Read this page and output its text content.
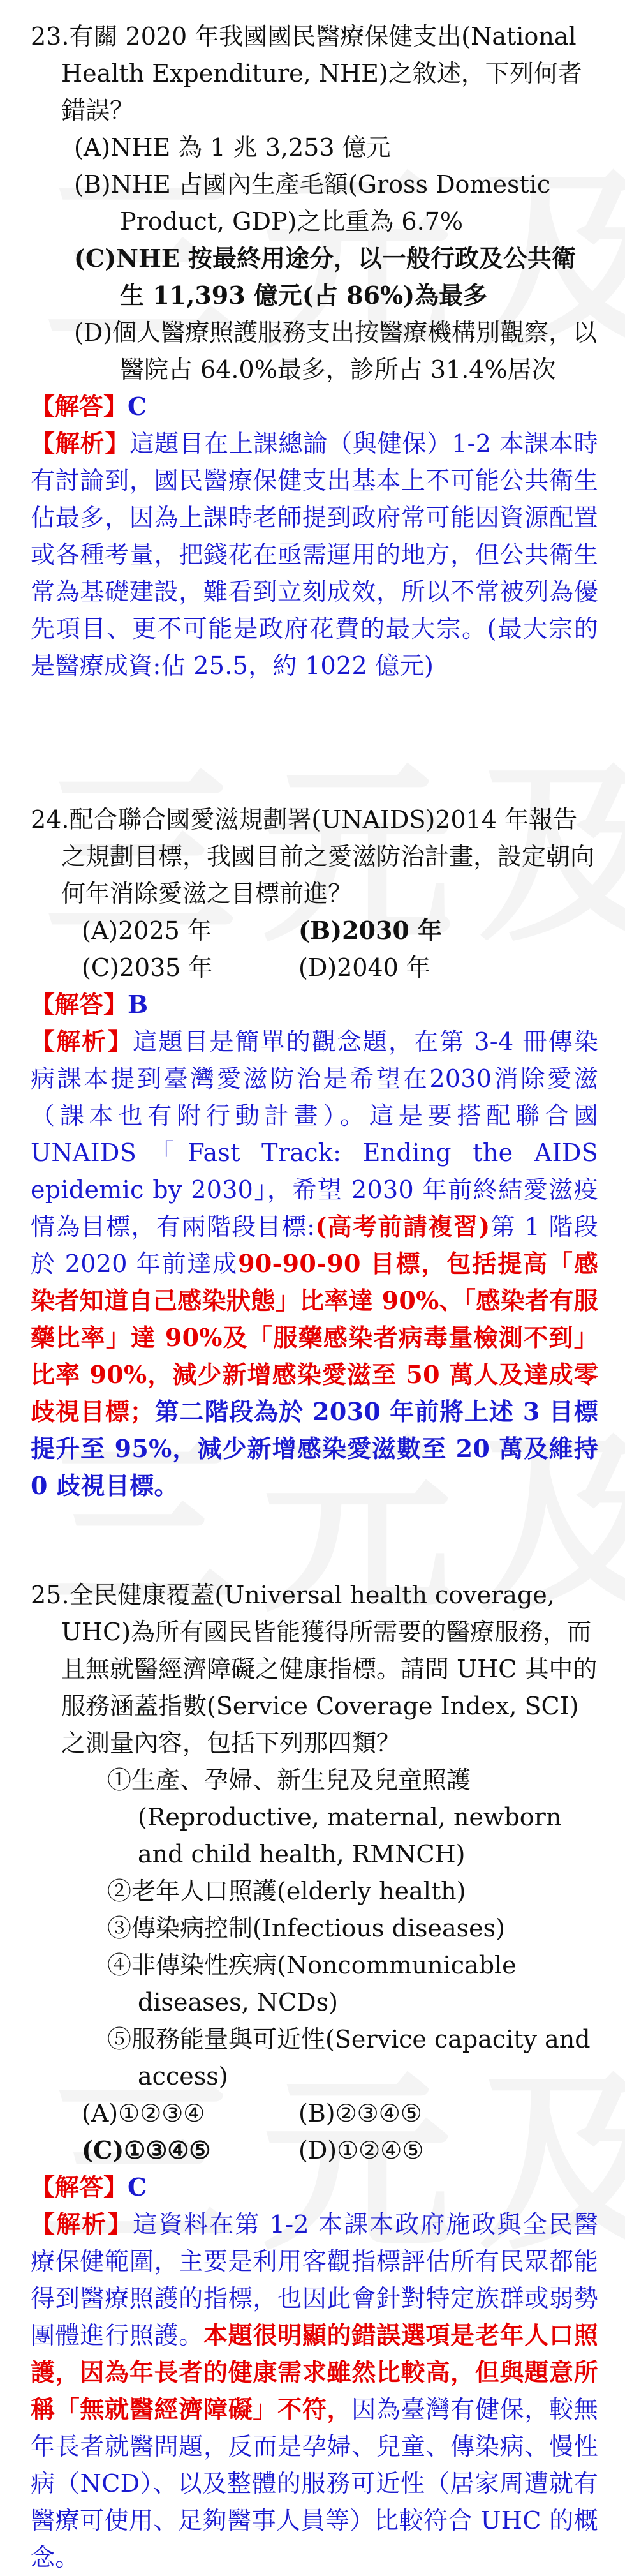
23.有關 2020 年我國國民醫療保健支出(National Health Expenditure, NHE)之敘述，下列何者錯誤？
(A)NHE 為 1 兆 3,253 億元
(B)NHE 占國內生產毛額(Gross Domestic Product, GDP)之比重為 6.7%
(C)NHE 按最終用途分，以一般行政及公共衛生 11,393 億元(占 86%)為最多
(D)個人醫療照護服務支出按醫療機構別觀察，以醫院占 64.0%最多，診所占 31.4%居次
【解答】C
【解析】這題目在上課總論（與健保）1-2 本課本時有討論到，國民醫療保健支出基本上不可能公共衛生佔最多，因為上課時老師提到政府常可能因資源配置或各種考量，把錢花在亟需運用的地方，但公共衛生常為基礎建設，難看到立刻成效，所以不常被列為優先項目、更不可能是政府花費的最大宗。(最大宗的是醫療成資:佔 25.5，約 1022 億元)
24.配合聯合國愛滋規劃署(UNAIDS)2014 年報告之規劃目標，我國目前之愛滋防治計畫，設定朝向何年消除愛滋之目標前進？
(A)2025 年	(B)2030 年
(C)2035 年	(D)2040 年
【解答】B
【解析】這題目是簡單的觀念題，在第 3-4 冊傳染病課本提到臺灣愛滋防治是希望在2030消除愛滋（課本也有附行動計畫）。這是要搭配聯合國 UNAIDS「Fast Track: Ending the AIDS epidemic by 2030」，希望 2030 年前終結愛滋疫情為目標，有兩階段目標:(高考前請複習)第 1 階段於 2020 年前達成90-90-90 目標，包括提高「感染者知道自己感染狀態」比率達 90%、「感染者有服藥比率」達 90%及「服藥感染者病毒量檢測不到」比率 90%，減少新增感染愛滋至 50 萬人及達成零歧視目標；第二階段為於 2030 年前將上述 3 目標提升至 95%，減少新增感染愛滋數至 20 萬及維持 0 歧視目標。
25.全民健康覆蓋(Universal health coverage, UHC)為所有國民皆能獲得所需要的醫療服務，而且無就醫經濟障礙之健康指標。請問 UHC 其中的服務涵蓋指數(Service Coverage Index, SCI)之測量內容，包括下列那四類？
①生產、孕婦、新生兒及兒童照護(Reproductive, maternal, newborn and child health, RMNCH)
②老年人口照護(elderly health)
③傳染病控制(Infectious diseases)
④非傳染性疾病(Noncommunicable diseases, NCDs)
⑤服務能量與可近性(Service capacity and access)
(A)①②③④	(B)②③④⑤
(C)①③④⑤	(D)①②④⑤
【解答】C
【解析】這資料在第 1-2 本課本政府施政與全民醫療保健範圍，主要是利用客觀指標評估所有民眾都能得到醫療照護的指標，也因此會針對特定族群或弱勢團體進行照護。本題很明顯的錯誤選項是老年人口照護，因為年長者的健康需求雖然比較高，但與題意所稱「無就醫經濟障礙」不符，因為臺灣有健保，較無年長者就醫問題，反而是孕婦、兒童、傳染病、慢性病（NCD）、以及整體的服務可近性（居家周遭就有醫療可使用、足夠醫事人員等）比較符合 UHC 的概念。
